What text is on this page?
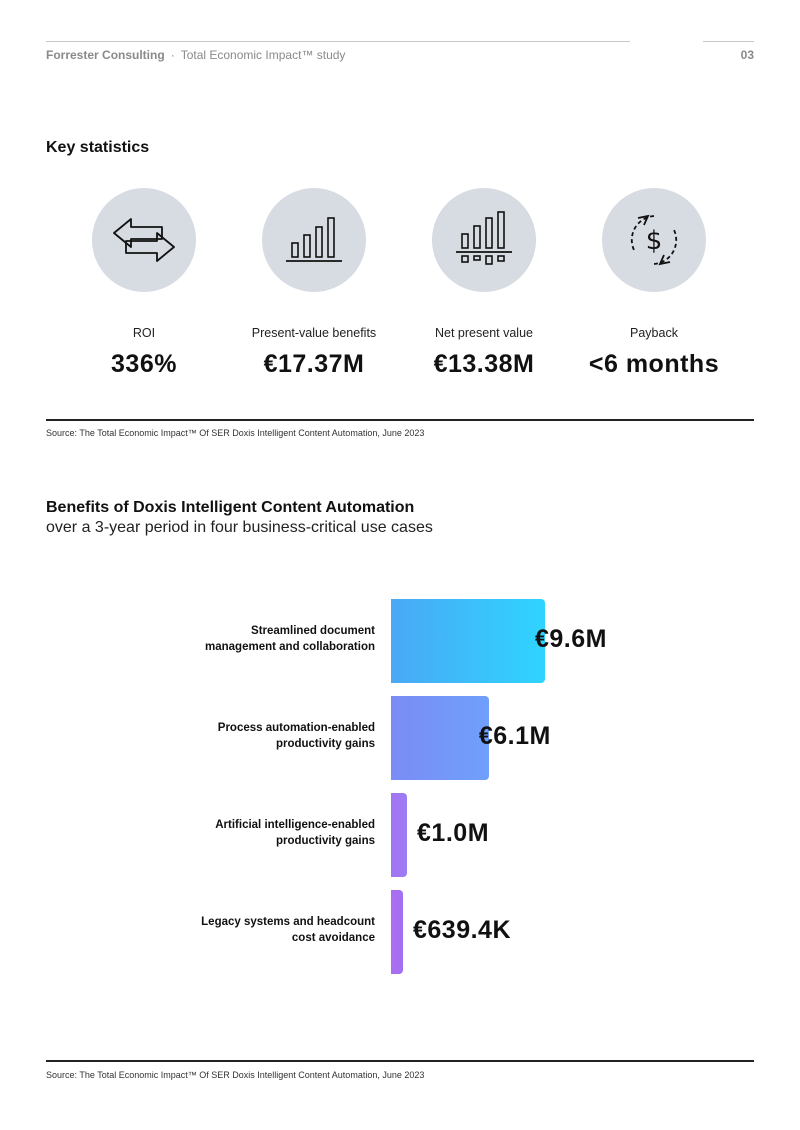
Forrester Consulting · Total Economic Impact™ study	03
Key statistics
ROI
336%
Present-value benefits
€17.37M
Net present value
€13.38M
$
Payback
<6 months
Source: The Total Economic Impact™ Of SER Doxis Intelligent Content Automation, June 2023
Benefits of Doxis Intelligent Content Automation
over a 3-year period in four business-critical use cases
Streamlined document
management and collaboration	€9.6M
Process automation-enabled
productivity gains	€6.1M
Artificial intelligence-enabled
productivity gains €1.0M
Legacy systems and headcount
cost avoidance €639.4K
Source: The Total Economic Impact™ Of SER Doxis Intelligent Content Automation, June 2023
